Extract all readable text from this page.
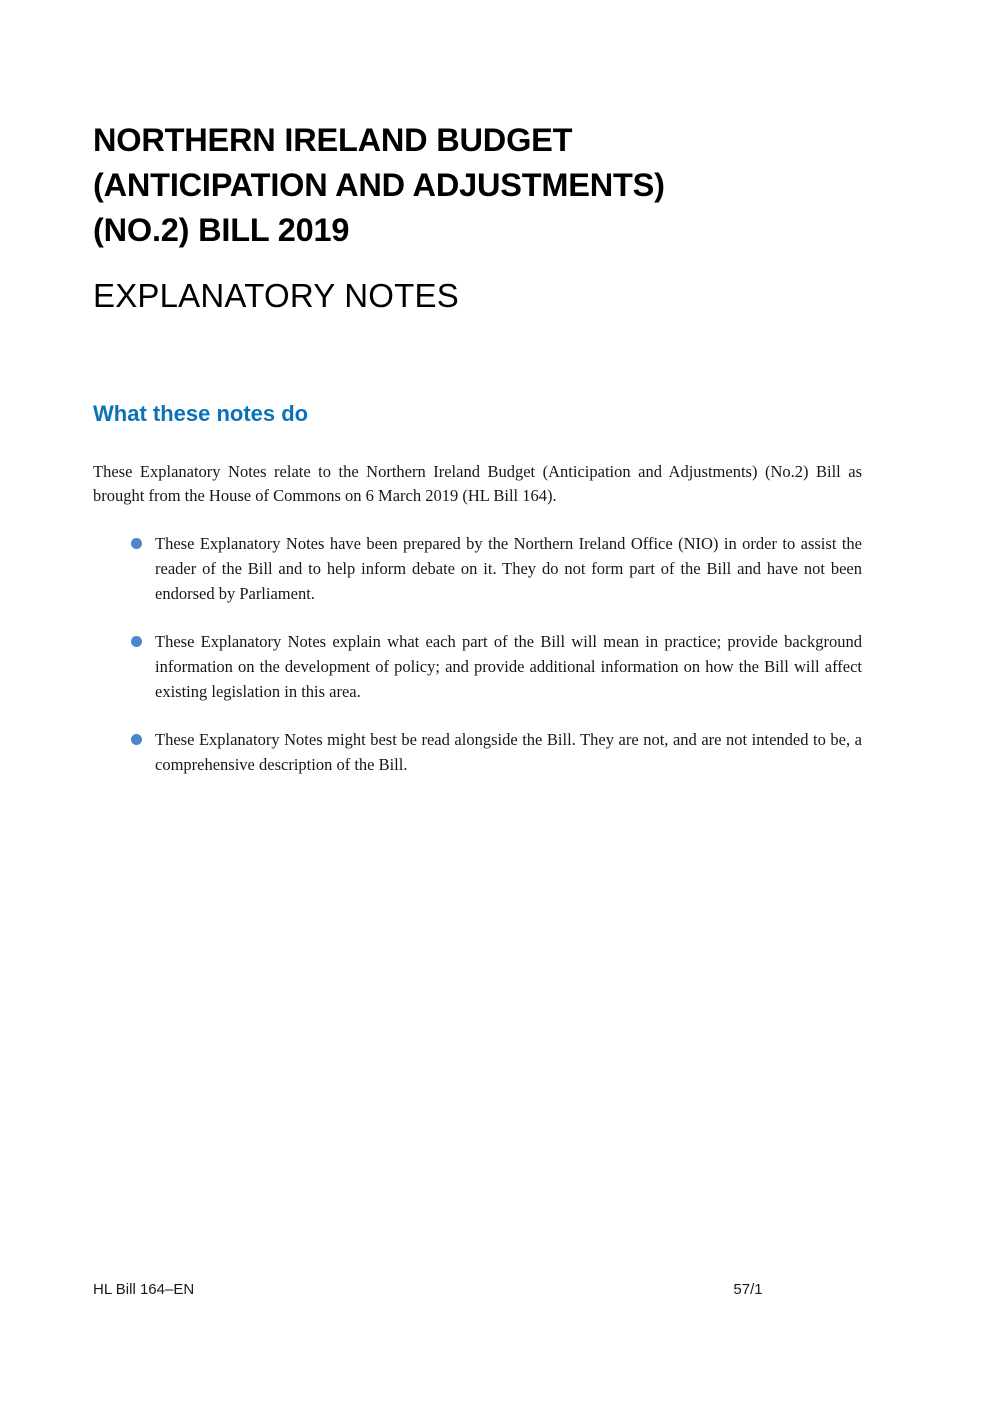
NORTHERN IRELAND BUDGET
(ANTICIPATION AND ADJUSTMENTS)
(NO.2) BILL 2019
EXPLANATORY NOTES
What these notes do

These Explanatory Notes relate to the Northern Ireland Budget (Anticipation and Adjustments) (No.2) Bill as brought from the House of Commons on 6 March 2019 (HL Bill 164).

These Explanatory Notes have been prepared by the Northern Ireland Office (NIO) in order to assist the reader of the Bill and to help inform debate on it. They do not form part of the Bill and have not been endorsed by Parliament.
These Explanatory Notes explain what each part of the Bill will mean in practice; provide background information on the development of policy; and provide additional information on how the Bill will affect existing legislation in this area.
These Explanatory Notes might best be read alongside the Bill. They are not, and are not intended to be, a comprehensive description of the Bill.
HL Bill 164–EN	57/1
